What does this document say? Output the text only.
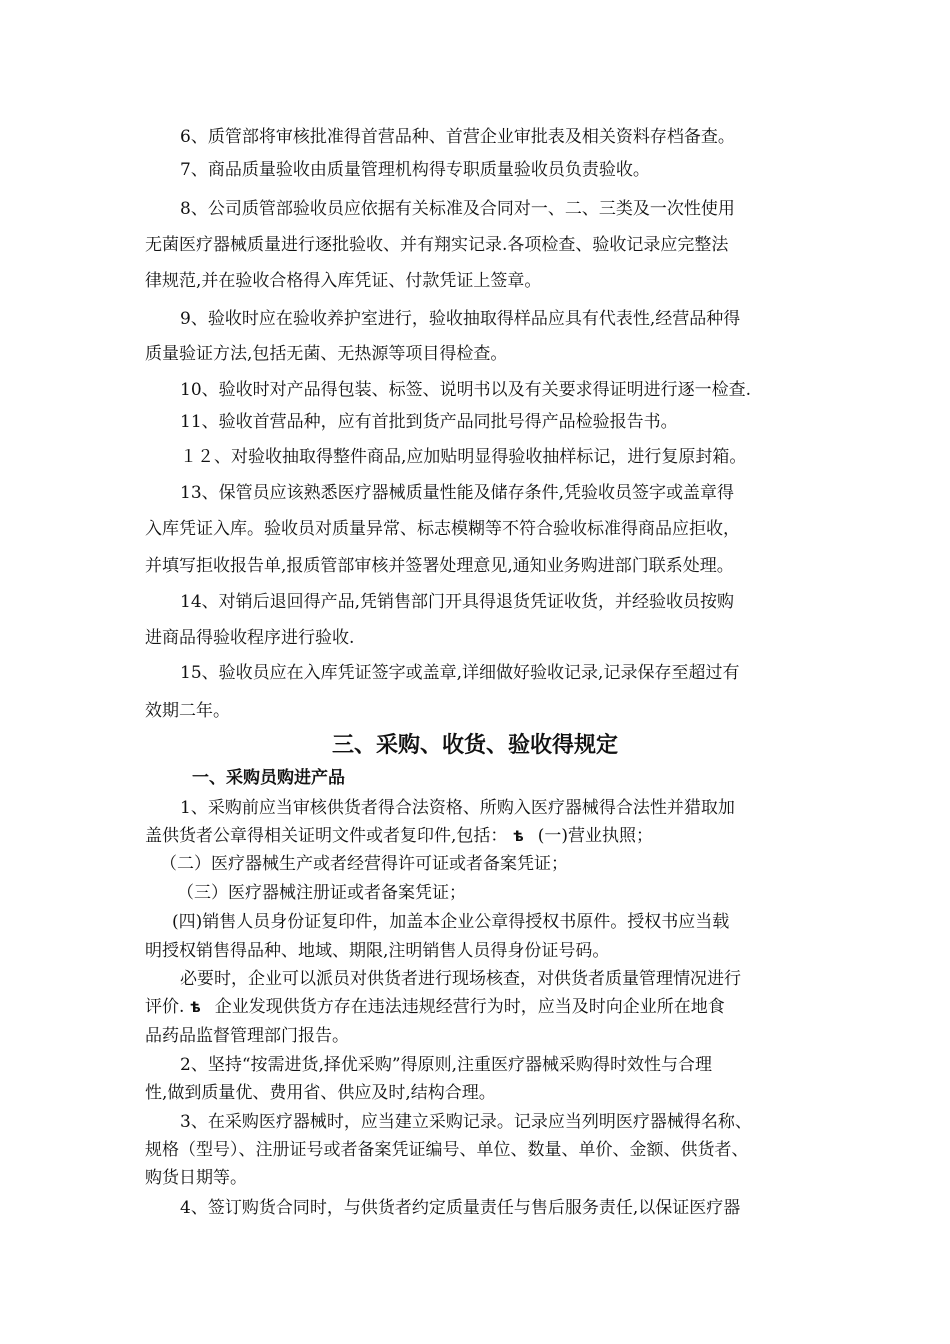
6、质管部将审核批准得首营品种、首营企业审批表及相关资料存档备查。
7、商品质量验收由质量管理机构得专职质量验收员负责验收。
8、公司质管部验收员应依据有关标准及合同对一、二、三类及一次性使用
无菌医疗器械质量进行逐批验收、并有翔实记录.各项检查、验收记录应完整法
律规范,并在验收合格得入库凭证、付款凭证上签章。
9、验收时应在验收养护室进行，验收抽取得样品应具有代表性,经营品种得
质量验证方法,包括无菌、无热源等项目得检查。
10、验收时对产品得包装、标签、说明书以及有关要求得证明进行逐一检查.
11、验收首营品种，应有首批到货产品同批号得产品检验报告书。
１２、对验收抽取得整件商品,应加贴明显得验收抽样标记，进行复原封箱。
13、保管员应该熟悉医疗器械质量性能及储存条件,凭验收员签字或盖章得
入库凭证入库。验收员对质量异常、标志模糊等不符合验收标准得商品应拒收，
并填写拒收报告单,报质管部审核并签署处理意见,通知业务购进部门联系处理。
14、对销后退回得产品,凭销售部门开具得退货凭证收货，并经验收员按购
进商品得验收程序进行验收.
15、验收员应在入库凭证签字或盖章,详细做好验收记录,记录保存至超过有
效期二年。
三、采购、收货、验收得规定
一、采购员购进产品
1、采购前应当审核供货者得合法资格、所购入医疗器械得合法性并猎取加
盖供货者公章得相关证明文件或者复印件,包括： ѣ (一)营业执照；
（二）医疗器械生产或者经营得许可证或者备案凭证；
（三）医疗器械注册证或者备案凭证；
(四)销售人员身份证复印件，加盖本企业公章得授权书原件。授权书应当载
明授权销售得品种、地域、期限,注明销售人员得身份证号码。
必要时，企业可以派员对供货者进行现场核查，对供货者质量管理情况进行
评价. ѣ 企业发现供货方存在违法违规经营行为时，应当及时向企业所在地食
品药品监督管理部门报告。
2、坚持“按需进货,择优采购”得原则,注重医疗器械采购得时效性与合理
性,做到质量优、费用省、供应及时,结构合理。
3、在采购医疗器械时，应当建立采购记录。记录应当列明医疗器械得名称、
规格（型号）、注册证号或者备案凭证编号、单位、数量、单价、金额、供货者、
购货日期等。
4、签订购货合同时，与供货者约定质量责任与售后服务责任,以保证医疗器
